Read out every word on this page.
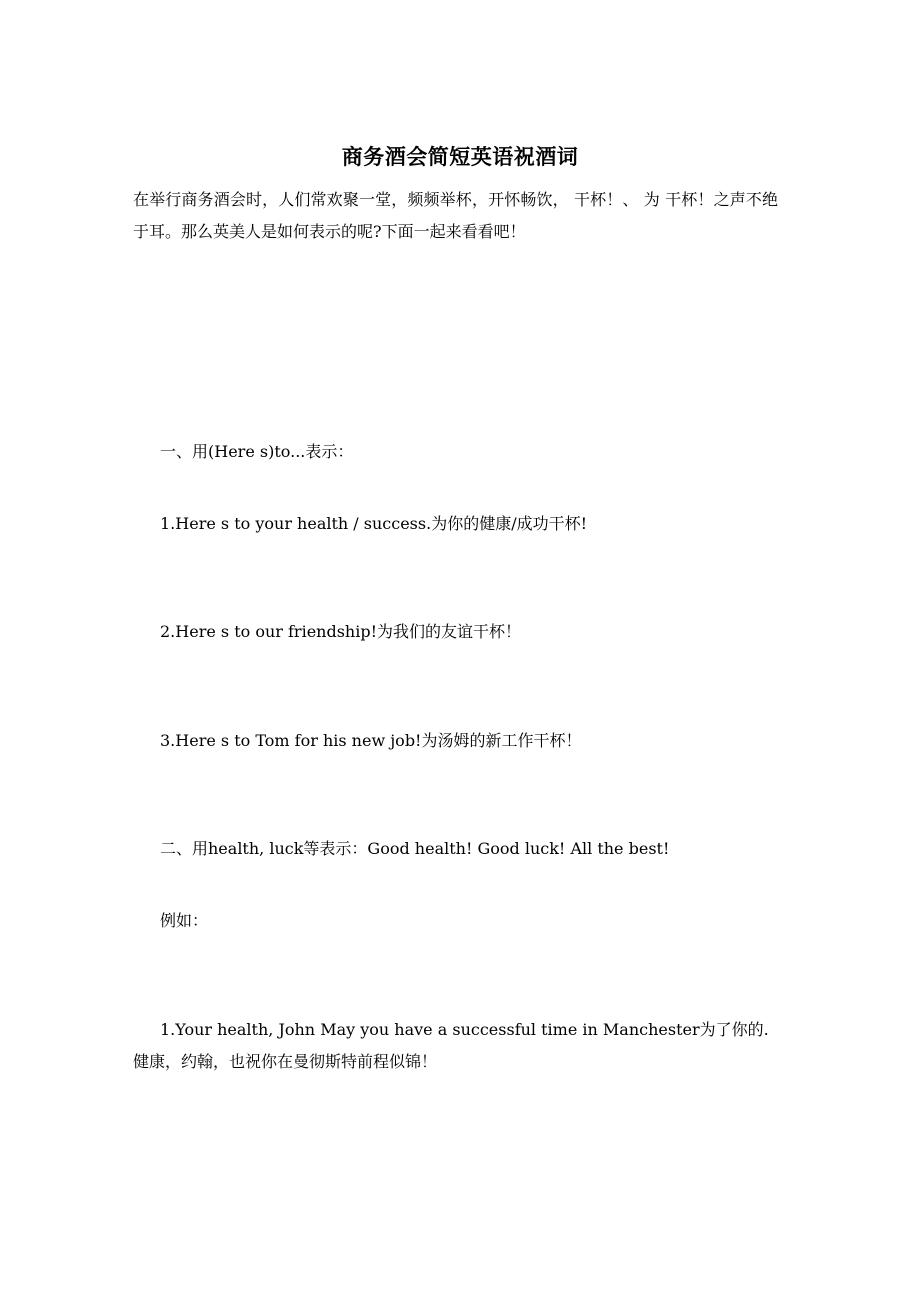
商务酒会简短英语祝酒词

在举行商务酒会时，人们常欢聚一堂，频频举杯，开怀畅饮， 干杯！、 为 干杯！之声不绝于耳。那么英美人是如何表示的呢?下面一起来看看吧！

一、用(Here s)to...表示：

1.Here s to your health / success.为你的健康/成功干杯!

2.Here s to our friendship!为我们的友谊干杯！

3.Here s to Tom for his new job!为汤姆的新工作干杯！

二、用health, luck等表示：Good health! Good luck! All the best!

例如：

1.Your health, John May you have a successful time in Manchester为了你的.健康，约翰，也祝你在曼彻斯特前程似锦！
